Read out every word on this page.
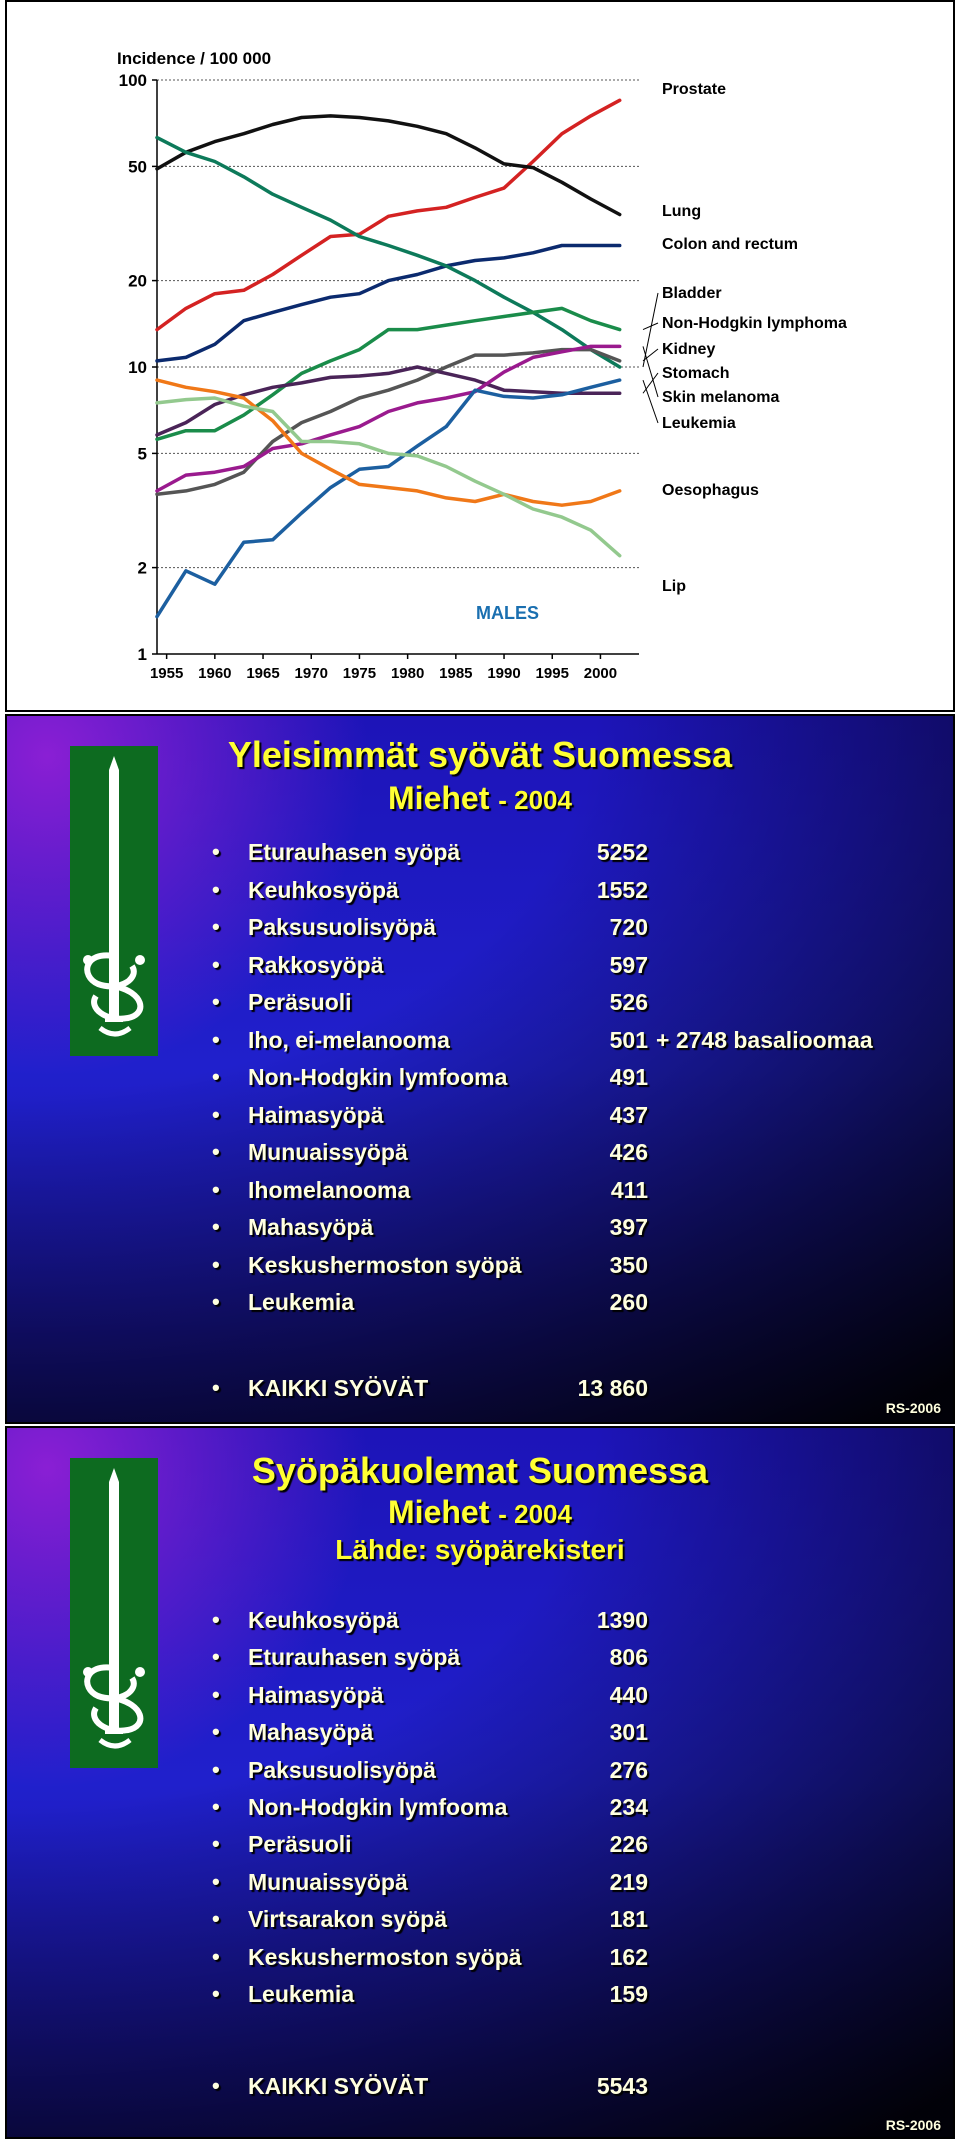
1
2
5
10
20
50
100
1955 1960 1965 1970 1975 1980 1985 1990 1995 2000
Prostate
Lung
Colon and rectum
Bladder
Non-Hodgkin lymphoma
Kidney
Stomach
Skin melanoma
Leukemia
Oesophagus
Lip
Incidence / 100 000
MALES
Yleisimmät syövät Suomessa
Miehet - 2004
• Eturauhasen syöpä	5252
• Keuhkosyöpä	1552
• Paksusuolisyöpä	720
• Rakkosyöpä	597
• Peräsuoli	526
• Iho, ei-melanooma	501 + 2748 basalioomaa
• Non-Hodgkin lymfooma	491
• Haimasyöpä	437
• Munuaissyöpä	426
• Ihomelanooma	411
• Mahasyöpä	397
• Keskushermoston syöpä	350
• Leukemia	260
• KAIKKI SYÖVÄT	13 860
RS-2006
Syöpäkuolemat Suomessa
Miehet - 2004
Lähde: syöpärekisteri
• Keuhkosyöpä	1390
• Eturauhasen syöpä	806
• Haimasyöpä	440
• Mahasyöpä	301
• Paksusuolisyöpä	276
• Non-Hodgkin lymfooma	234
• Peräsuoli	226
• Munuaissyöpä	219
• Virtsarakon syöpä	181
• Keskushermoston syöpä	162
• Leukemia	159
• KAIKKI SYÖVÄT	5543
RS-2006
